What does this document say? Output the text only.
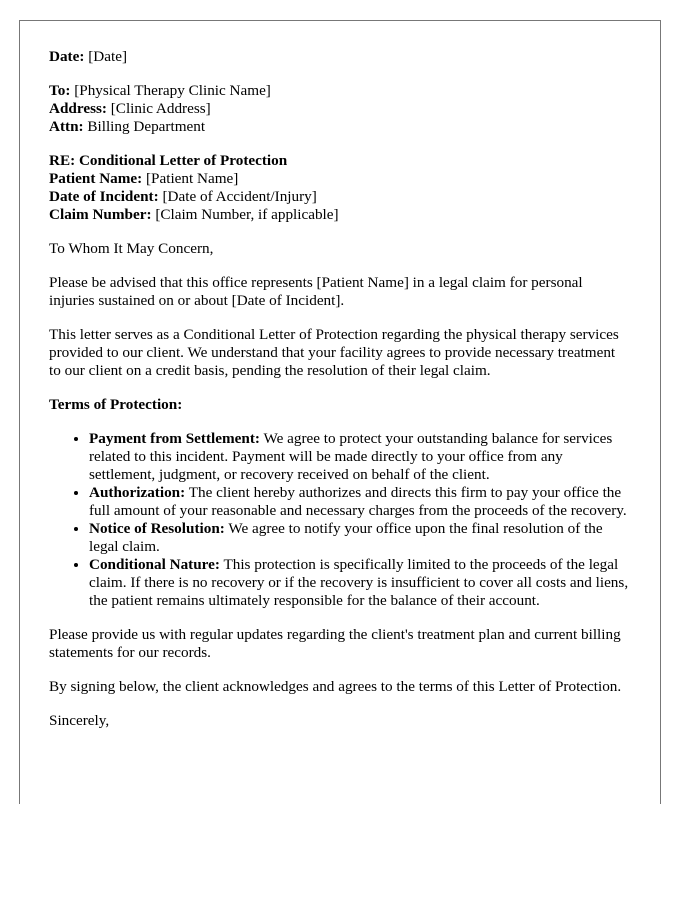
Date: [Date]

To: [Physical Therapy Clinic Name]
Address: [Clinic Address]
Attn: Billing Department

RE: Conditional Letter of Protection
Patient Name: [Patient Name]
Date of Incident: [Date of Accident/Injury]
Claim Number: [Claim Number, if applicable]

To Whom It May Concern,

Please be advised that this office represents [Patient Name] in a legal claim for personal injuries sustained on or about [Date of Incident].

This letter serves as a Conditional Letter of Protection regarding the physical therapy services provided to our client. We understand that your facility agrees to provide necessary treatment to our client on a credit basis, pending the resolution of their legal claim.

Terms of Protection:

• Payment from Settlement: We agree to protect your outstanding balance for services related to this incident. Payment will be made directly to your office from any settlement, judgment, or recovery received on behalf of the client.
• Authorization: The client hereby authorizes and directs this firm to pay your office the full amount of your reasonable and necessary charges from the proceeds of the recovery.
• Notice of Resolution: We agree to notify your office upon the final resolution of the legal claim.
• Conditional Nature: This protection is specifically limited to the proceeds of the legal claim. If there is no recovery or if the recovery is insufficient to cover all costs and liens, the patient remains ultimately responsible for the balance of their account.

Please provide us with regular updates regarding the client's treatment plan and current billing statements for our records.

By signing below, the client acknowledges and agrees to the terms of this Letter of Protection.

Sincerely,
